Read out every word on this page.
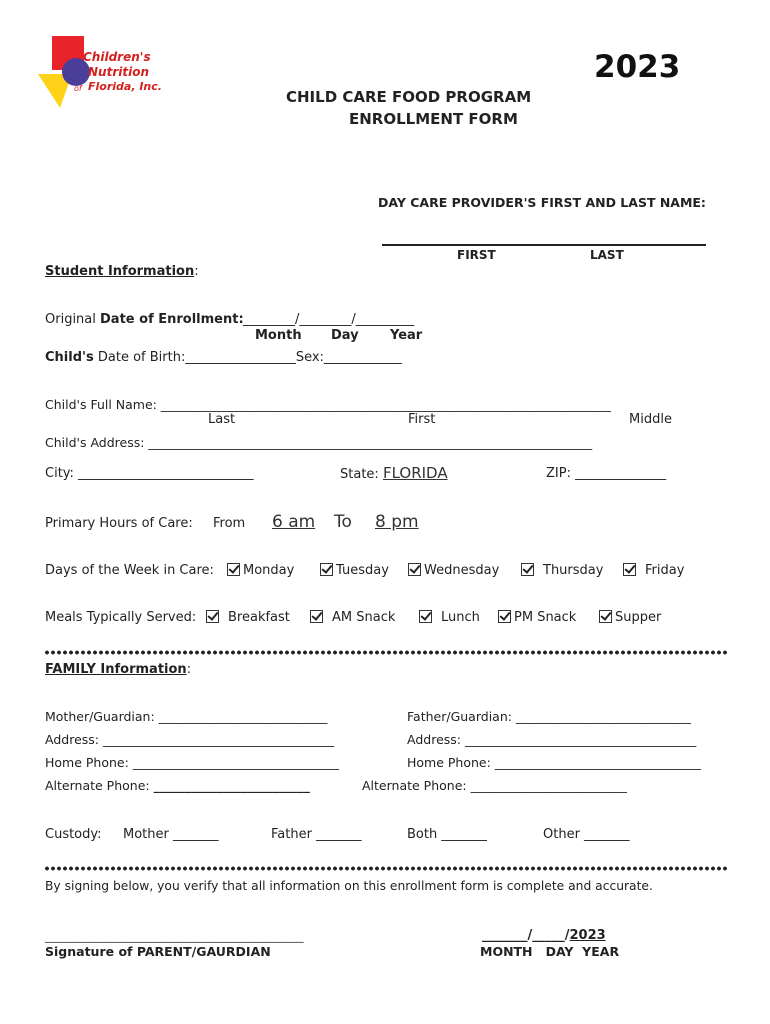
Children's
Nutrition
of Florida, Inc.
2023
CHILD CARE FOOD PROGRAM
ENROLLMENT FORM
DAY CARE PROVIDER'S FIRST AND LAST NAME:
FIRST	LAST
Student Information:
Original Date of Enrollment: ________/________/_________
Month Day Year
Child's Date of Birth:_________________Sex:____________
Child's Full Name: ________________________________________________________________________
Last	First	Middle
Child's Address: _______________________________________________________________________
City: ___________________________	State: FLORIDA	ZIP: ______________
Primary Hours of Care: From 6 am To 8 pm
Days of the Week in Care:	Monday	Tuesday	Wednesday	Thursday	Friday
Meals Typically Served:	Breakfast	AM Snack	Lunch	PM Snack	Supper
FAMILY Information:
Mother/Guardian: ___________________________	Father/Guardian: ____________________________
Address: _____________________________________	Address: _____________________________________
Home Phone: _________________________________	Home Phone: _________________________________
Alternate Phone: _________________________	Alternate Phone: _________________________
Custody: Mother _______	Father _______	Both _______	Other _______
By signing below, you verify that all information on this enrollment form is complete and accurate.
_______________________________________________
Signature of PARENT/GAURDIAN
_______/_____/2023
MONTH   DAY  YEAR
